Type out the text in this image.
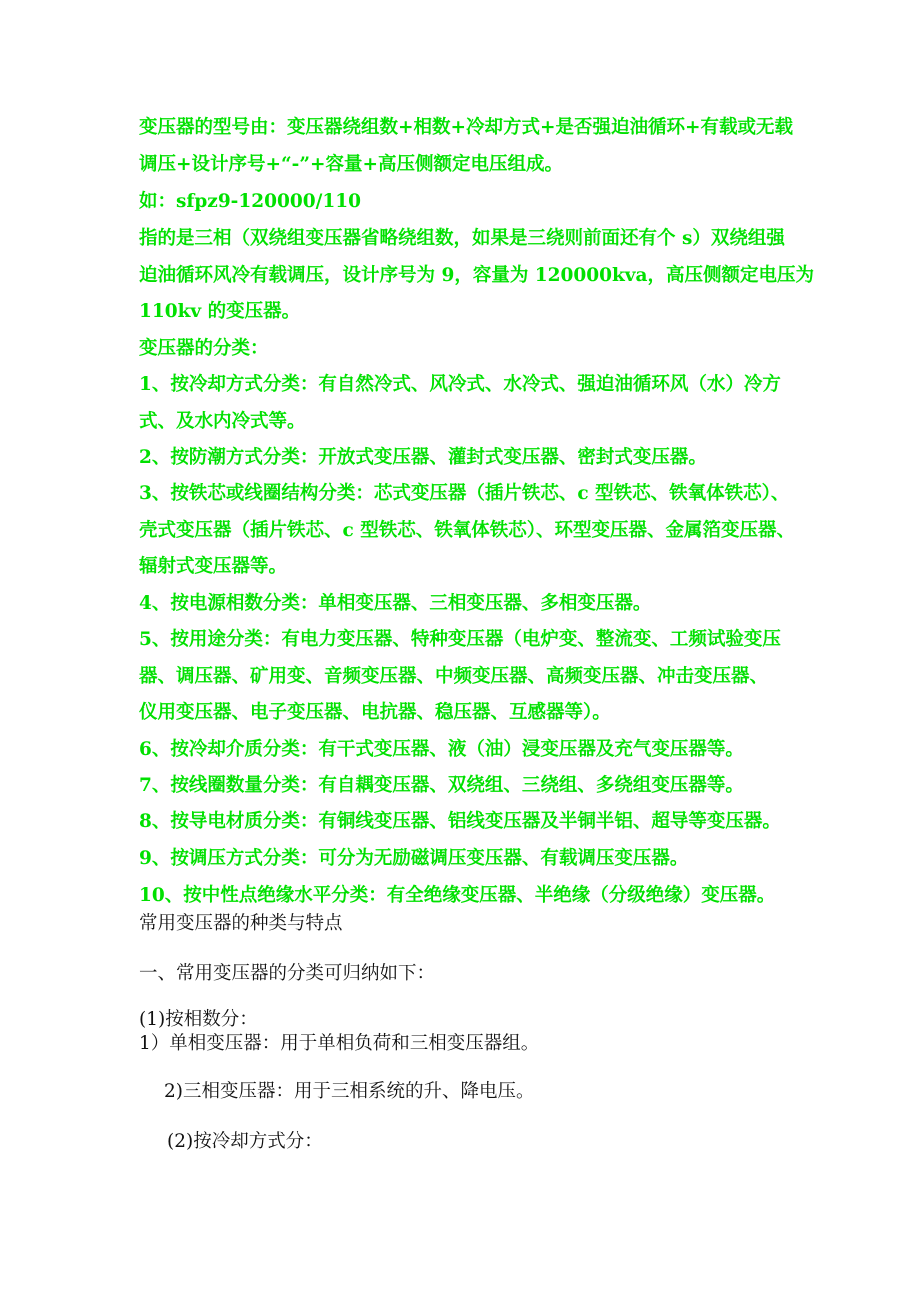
变压器的型号由：变压器绕组数+相数+冷却方式+是否强迫油循环+有载或无载
调压+设计序号+“-”+容量+高压侧额定电压组成。
如：sfpz9-120000/110
指的是三相（双绕组变压器省略绕组数，如果是三绕则前面还有个 s）双绕组强
迫油循环风冷有载调压，设计序号为 9，容量为 120000kva，高压侧额定电压为
110kv 的变压器。
变压器的分类：
1、按冷却方式分类：有自然冷式、风冷式、水冷式、强迫油循环风（水）冷方
式、及水内冷式等。
2、按防潮方式分类：开放式变压器、灌封式变压器、密封式变压器。
3、按铁芯或线圈结构分类：芯式变压器（插片铁芯、c 型铁芯、铁氧体铁芯）、
壳式变压器（插片铁芯、c 型铁芯、铁氧体铁芯）、环型变压器、金属箔变压器、
辐射式变压器等。
4、按电源相数分类：单相变压器、三相变压器、多相变压器。
5、按用途分类：有电力变压器、特种变压器（电炉变、整流变、工频试验变压
器、调压器、矿用变、音频变压器、中频变压器、高频变压器、冲击变压器、
仪用变压器、电子变压器、电抗器、稳压器、互感器等）。
6、按冷却介质分类：有干式变压器、液（油）浸变压器及充气变压器等。
7、按线圈数量分类：有自耦变压器、双绕组、三绕组、多绕组变压器等。
8、按导电材质分类：有铜线变压器、铝线变压器及半铜半铝、超导等变压器。
9、按调压方式分类：可分为无励磁调压变压器、有载调压变压器。
10、按中性点绝缘水平分类：有全绝缘变压器、半绝缘（分级绝缘）变压器。
常用变压器的种类与特点
一、常用变压器的分类可归纳如下：
(1)按相数分：
1）单相变压器：用于单相负荷和三相变压器组。
2)三相变压器：用于三相系统的升、降电压。
(2)按冷却方式分：
